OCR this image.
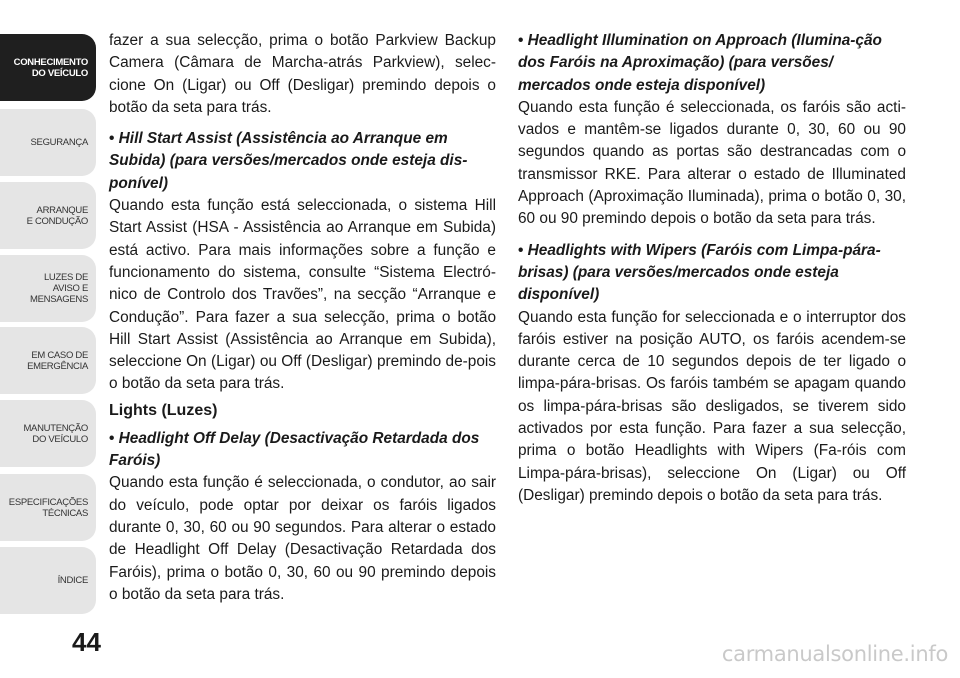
CONHECIMENTO
DO VEÍCULO
SEGURANÇA
ARRANQUE
E CONDUÇÃO
LUZES DE
AVISO E
MENSAGENS
EM CASO DE
EMERGÊNCIA
MANUTENÇÃO
DO VEÍCULO
ESPECIFICAÇÕES
TÉCNICAS
ÍNDICE
44

fazer a sua selecção, prima o botão Parkview Backup Camera (Câmara de Marcha-atrás Parkview), selec-cione On (Ligar) ou Off (Desligar) premindo depois o botão da seta para trás.

• Hill Start Assist (Assistência ao Arranque em Subida) (para versões/mercados onde esteja dis-ponível)

Quando esta função está seleccionada, o sistema Hill Start Assist (HSA - Assistência ao Arranque em Subida) está activo. Para mais informações sobre a função e funcionamento do sistema, consulte “Sistema Electró-nico de Controlo dos Travões”, na secção “Arranque e Condução”. Para fazer a sua selecção, prima o botão Hill Start Assist (Assistência ao Arranque em Subida), seleccione On (Ligar) ou Off (Desligar) premindo de-pois o botão da seta para trás.

Lights (Luzes)

• Headlight Off Delay (Desactivação Retardada dos Faróis)

Quando esta função é seleccionada, o condutor, ao sair do veículo, pode optar por deixar os faróis ligados durante 0, 30, 60 ou 90 segundos. Para alterar o estado de Headlight Off Delay (Desactivação Retardada dos Faróis), prima o botão 0, 30, 60 ou 90 premindo depois o botão da seta para trás.

• Headlight Illumination on Approach (Ilumina-ção dos Faróis na Aproximação) (para versões/ mercados onde esteja disponível)

Quando esta função é seleccionada, os faróis são acti-vados e mantêm-se ligados durante 0, 30, 60 ou 90 segundos quando as portas são destrancadas com o transmissor RKE. Para alterar o estado de Illuminated Approach (Aproximação Iluminada), prima o botão 0, 30, 60 ou 90 premindo depois o botão da seta para trás.

• Headlights with Wipers (Faróis com Limpa-pára-brisas) (para versões/mercados onde esteja disponível)

Quando esta função for seleccionada e o interruptor dos faróis estiver na posição AUTO, os faróis acendem-se durante cerca de 10 segundos depois de ter ligado o limpa-pára-brisas. Os faróis também se apagam quando os limpa-pára-brisas são desligados, se tiverem sido activados por esta função. Para fazer a sua selecção, prima o botão Headlights with Wipers (Fa-róis com Limpa-pára-brisas), seleccione On (Ligar) ou Off (Desligar) premindo depois o botão da seta para trás.

carmanualsonline.info
